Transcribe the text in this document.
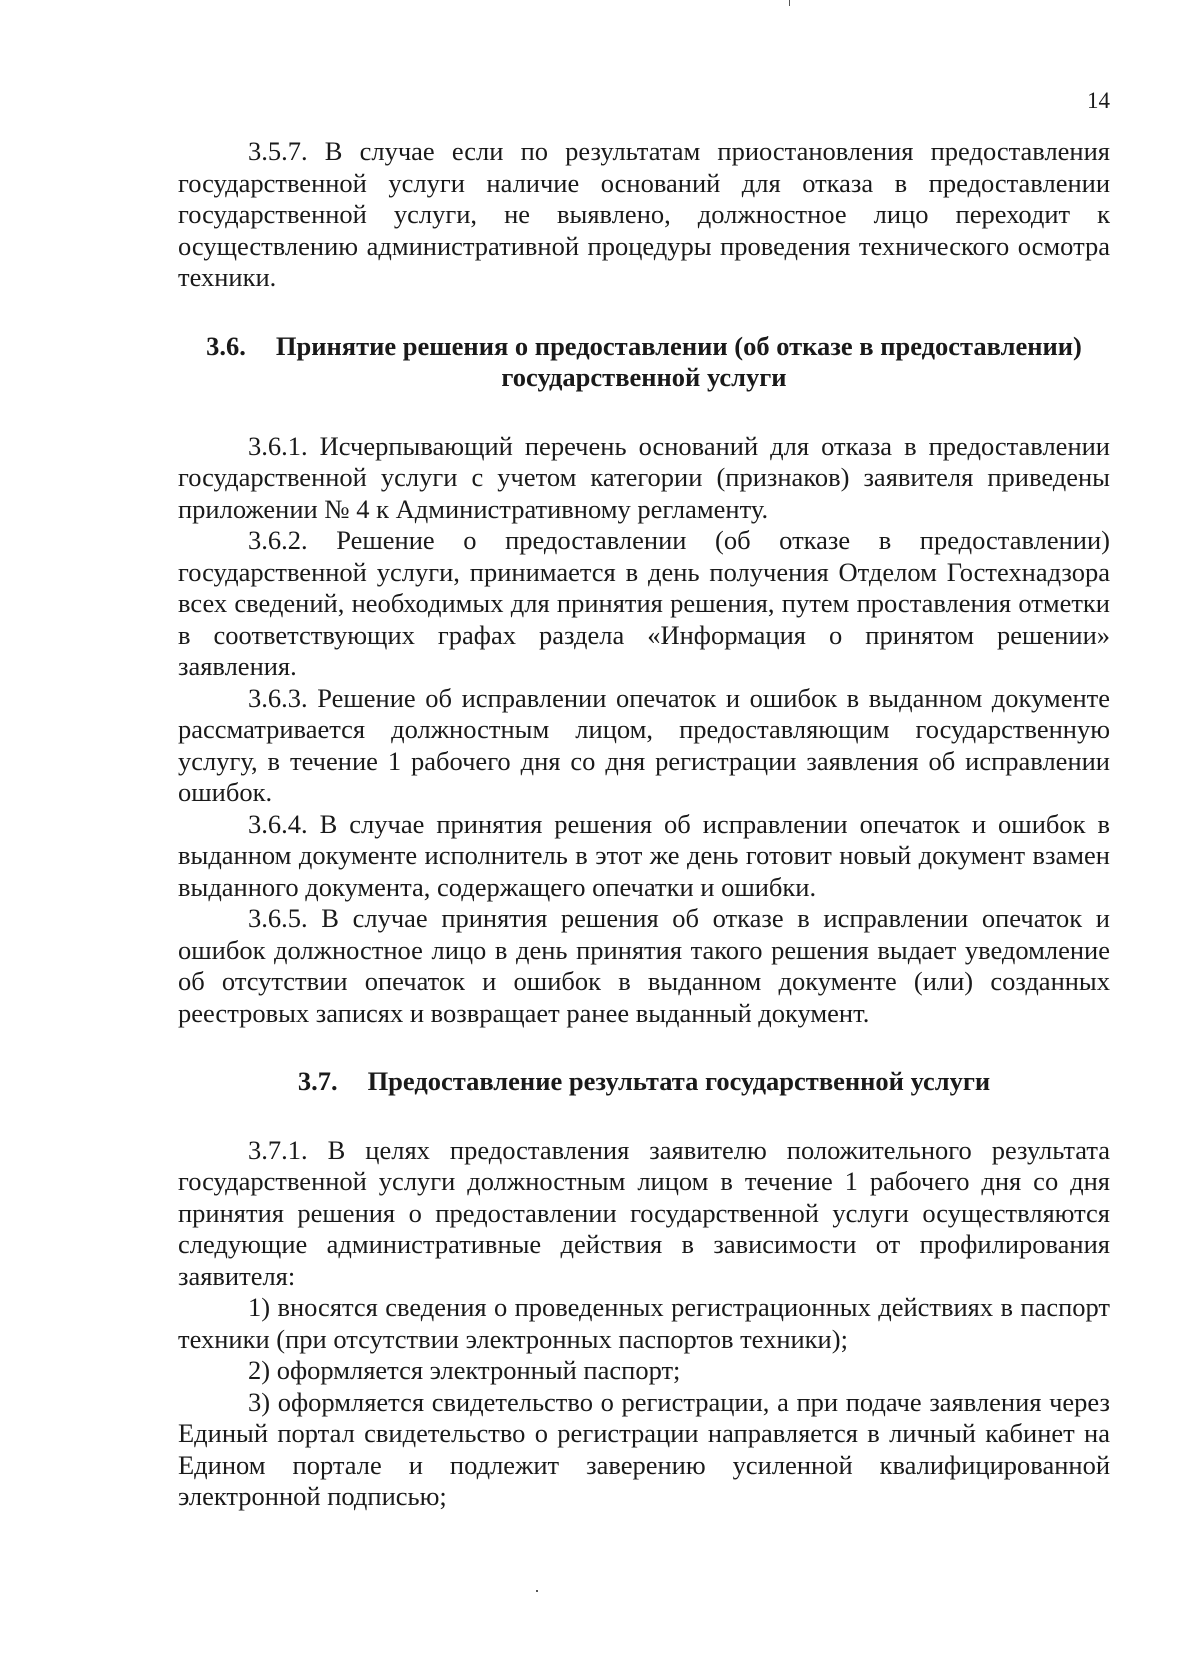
14

3.5.7. В случае если по результатам приостановления предоставления государственной услуги наличие оснований для отказа в предоставлении государственной услуги, не выявлено, должностное лицо переходит к осуществлению административной процедуры проведения технического осмотра техники.

3.6. Принятие решения о предоставлении (об отказе в предоставлении) государственной услуги

3.6.1. Исчерпывающий перечень оснований для отказа в предоставлении государственной услуги с учетом категории (признаков) заявителя приведены приложении № 4 к Административному регламенту.

3.6.2. Решение о предоставлении (об отказе в предоставлении) государственной услуги, принимается в день получения Отделом Гостехнадзора всех сведений, необходимых для принятия решения, путем проставления отметки в соответствующих графах раздела «Информация о принятом решении» заявления.

3.6.3. Решение об исправлении опечаток и ошибок в выданном документе рассматривается должностным лицом, предоставляющим государственную услугу, в течение 1 рабочего дня со дня регистрации заявления об исправлении ошибок.

3.6.4. В случае принятия решения об исправлении опечаток и ошибок в выданном документе исполнитель в этот же день готовит новый документ взамен выданного документа, содержащего опечатки и ошибки.

3.6.5. В случае принятия решения об отказе в исправлении опечаток и ошибок должностное лицо в день принятия такого решения выдает уведомление об отсутствии опечаток и ошибок в выданном документе (или) созданных реестровых записях и возвращает ранее выданный документ.

3.7. Предоставление результата государственной услуги

3.7.1. В целях предоставления заявителю положительного результата государственной услуги должностным лицом в течение 1 рабочего дня со дня принятия решения о предоставлении государственной услуги осуществляются следующие административные действия в зависимости от профилирования заявителя:

1) вносятся сведения о проведенных регистрационных действиях в паспорт техники (при отсутствии электронных паспортов техники);

2) оформляется электронный паспорт;

3) оформляется свидетельство о регистрации, а при подаче заявления через Единый портал свидетельство о регистрации направляется в личный кабинет на Едином портале и подлежит заверению усиленной квалифицированной электронной подписью;
